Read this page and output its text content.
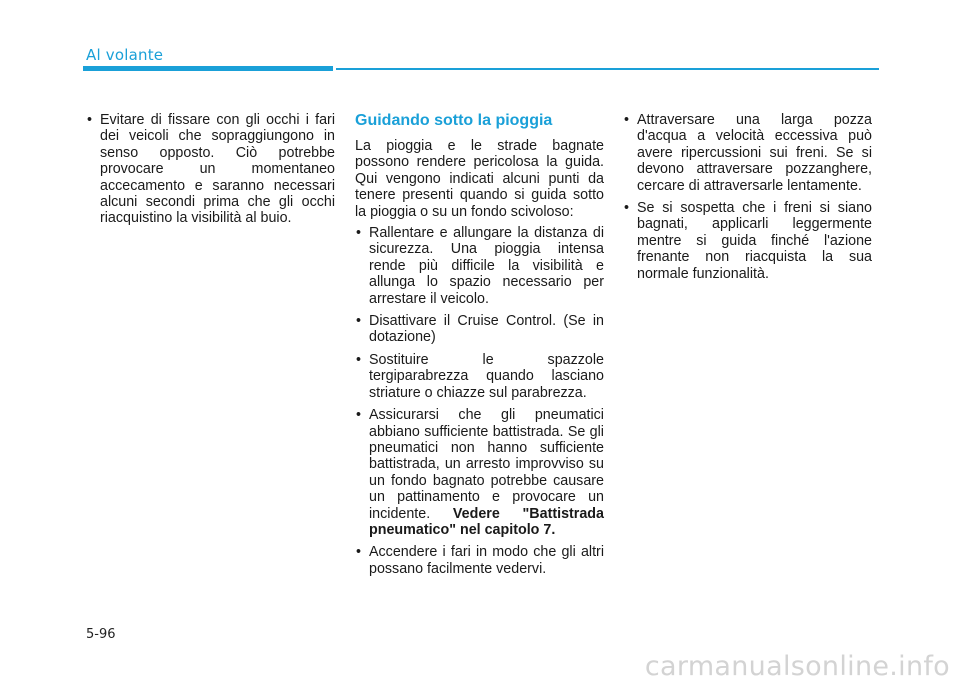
Al volante
• Evitare di fissare con gli occhi i fari dei veicoli che sopraggiungono in senso opposto. Ciò potrebbe provocare un momentaneo accecamento e saranno necessari alcuni secondi prima che gli occhi riacquistino la visibilità al buio.
Guidando sotto la pioggia

La pioggia e le strade bagnate possono rendere pericolosa la guida. Qui vengono indicati alcuni punti da tenere presenti quando si guida sotto la pioggia o su un fondo scivoloso:

• Rallentare e allungare la distanza di sicurezza. Una pioggia intensa rende più difficile la visibilità e allunga lo spazio necessario per arrestare il veicolo.
• Disattivare il Cruise Control. (Se in dotazione)
• Sostituire le spazzole tergiparabrezza quando lasciano striature o chiazze sul parabrezza.
• Assicurarsi che gli pneumatici abbiano sufficiente battistrada. Se gli pneumatici non hanno sufficiente battistrada, un arresto improvviso su un fondo bagnato potrebbe causare un pattinamento e provocare un incidente. Vedere "Battistrada pneumatico" nel capitolo 7.
• Accendere i fari in modo che gli altri possano facilmente vedervi.
• Attraversare una larga pozza d'acqua a velocità eccessiva può avere ripercussioni sui freni. Se si devono attraversare pozzanghere, cercare di attraversarle lentamente.
• Se si sospetta che i freni si siano bagnati, applicarli leggermente mentre si guida finché l'azione frenante non riacquista la sua normale funzionalità.
5-96
carmanualsonline.info
